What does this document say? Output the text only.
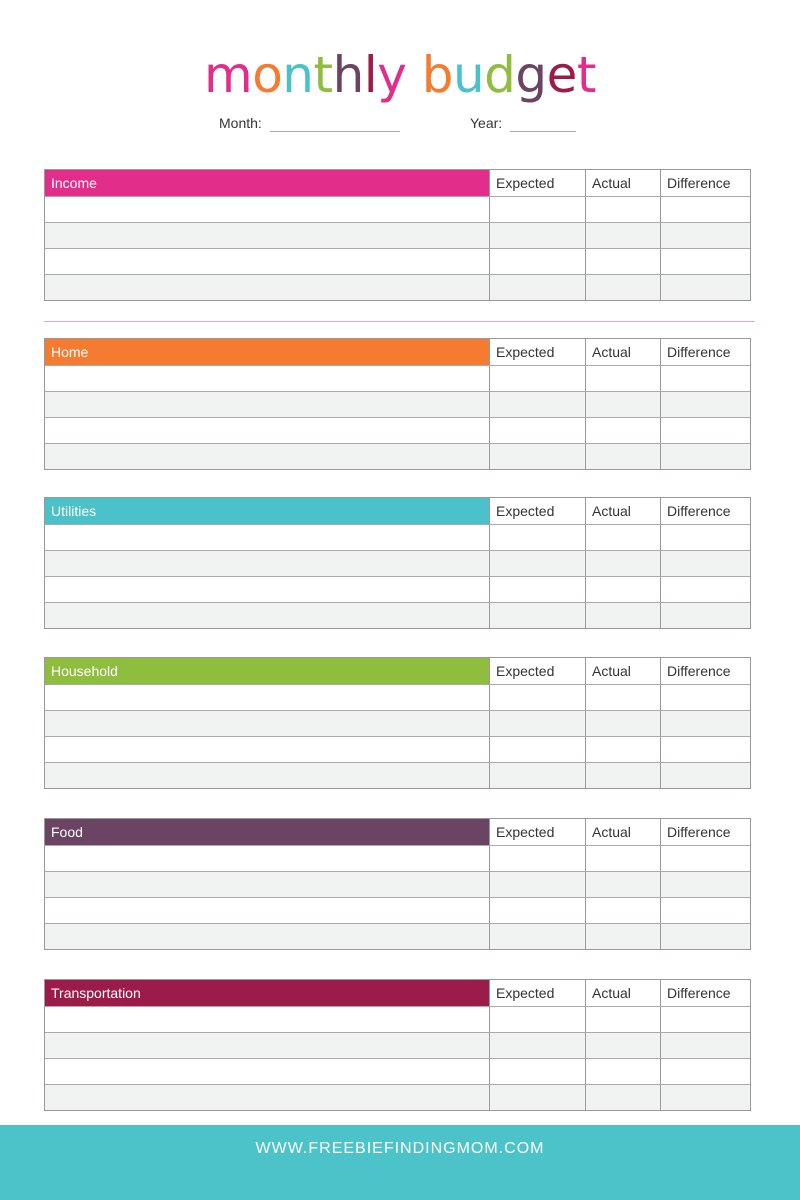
monthly budget
Month:	Year:
Income	Expected	Actual	Difference
Home	Expected	Actual	Difference
Utilities	Expected	Actual	Difference
Household	Expected	Actual	Difference
Food	Expected	Actual	Difference
Transportation	Expected	Actual	Difference
WWW.FREEBIEFINDINGMOM.COM
